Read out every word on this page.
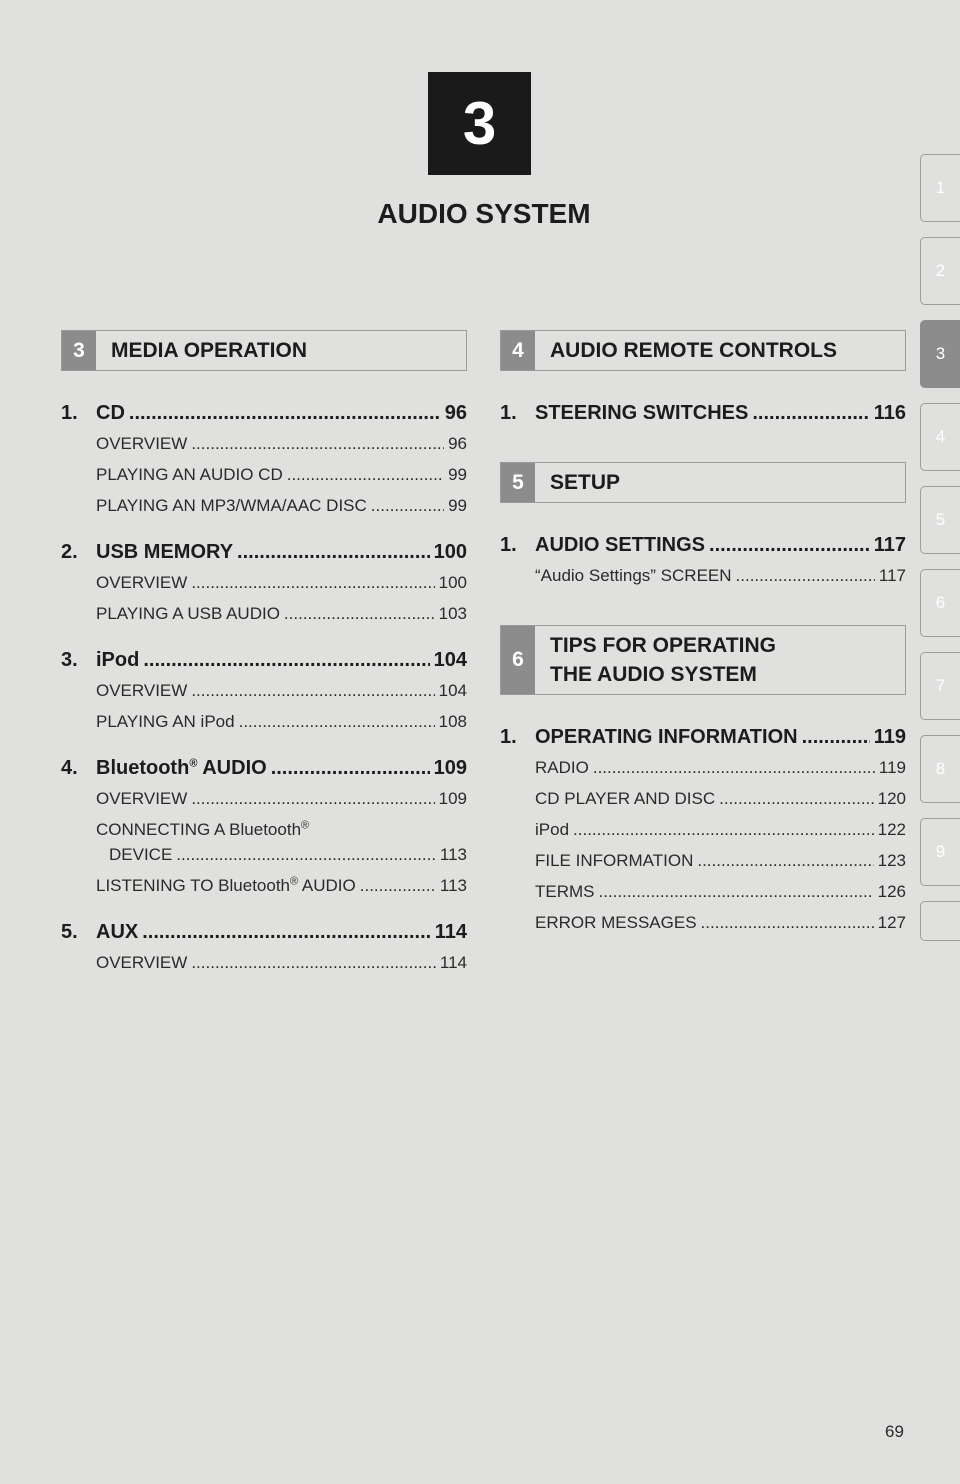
3
AUDIO SYSTEM
1
2
3
4
5
6
7
8
9
3	MEDIA OPERATION
1. CD .....	96
OVERVIEW .....	96
PLAYING AN AUDIO CD .....	99
PLAYING AN MP3/WMA/AAC DISC .....	99
2. USB MEMORY .....	100
OVERVIEW .....	100
PLAYING A USB AUDIO .....	103
3. iPod .....	104
OVERVIEW .....	104
PLAYING AN iPod .....	108
4. Bluetooth® AUDIO .....	109
OVERVIEW .....	109
CONNECTING A Bluetooth®
DEVICE .....	113
LISTENING TO Bluetooth® AUDIO .....	113
5. AUX .....	114
OVERVIEW .....	114
4	AUDIO REMOTE CONTROLS
1. STEERING SWITCHES .....	116
5	SETUP
1. AUDIO SETTINGS .....	117
“Audio Settings” SCREEN .....	117
6
TIPS FOR OPERATING
THE AUDIO SYSTEM
1. OPERATING INFORMATION .....	119
RADIO .....	119
CD PLAYER AND DISC .....	120
iPod .....	122
FILE INFORMATION .....	123
TERMS .....	126
ERROR MESSAGES .....	127
69
